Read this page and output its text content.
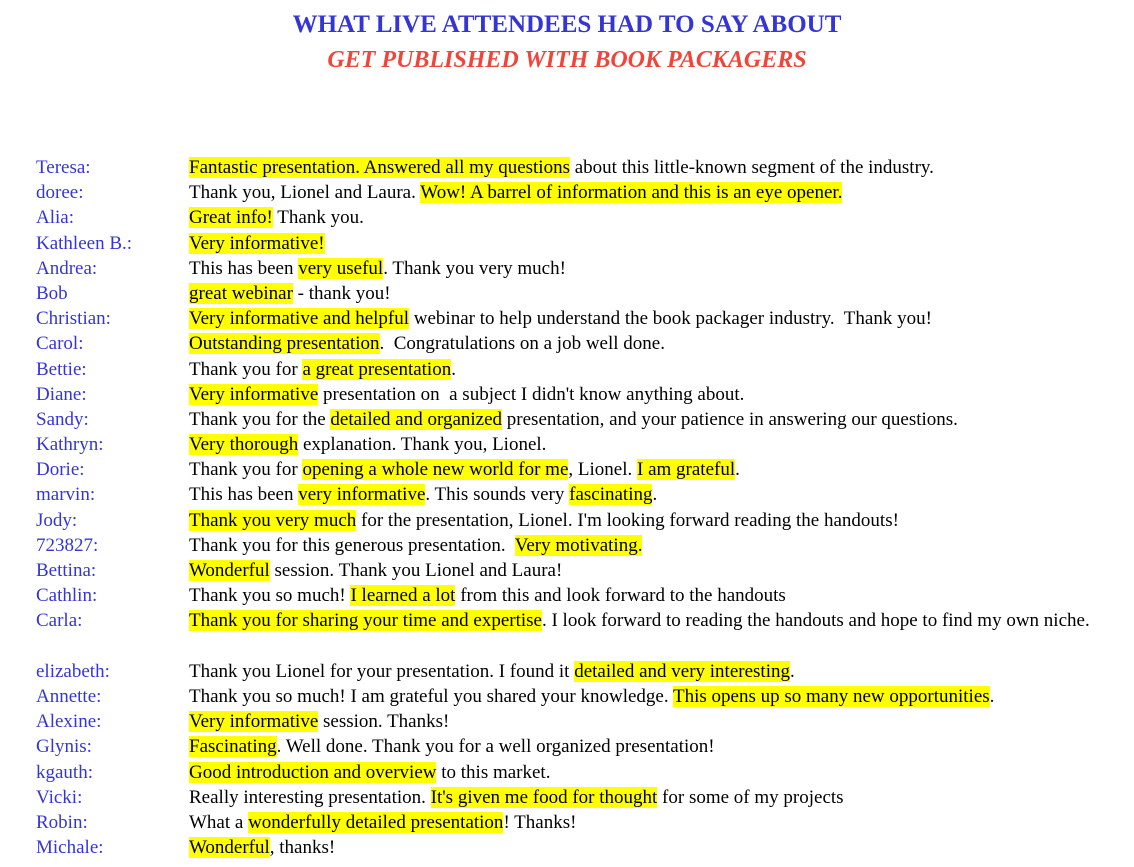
WHAT LIVE ATTENDEES HAD TO SAY ABOUT
GET PUBLISHED WITH BOOK PACKAGERS
Teresa:	Fantastic presentation. Answered all my questions about this little-known segment of the industry.
doree:	Thank you, Lionel and Laura. Wow! A barrel of information and this is an eye opener.
Alia:	Great info! Thank you.
Kathleen B.:	Very informative!
Andrea:	This has been very useful. Thank you very much!
Bob	great webinar - thank you!
Christian:	Very informative and helpful webinar to help understand the book packager industry.  Thank you!
Carol:	Outstanding presentation.  Congratulations on a job well done.
Bettie:	Thank you for a great presentation.
Diane:	Very informative presentation on  a subject I didn't know anything about.
Sandy:	Thank you for the detailed and organized presentation, and your patience in answering our questions.
Kathryn:	Very thorough explanation. Thank you, Lionel.
Dorie:	Thank you for opening a whole new world for me, Lionel. I am grateful.
marvin:	This has been very informative. This sounds very fascinating.
Jody:	Thank you very much for the presentation, Lionel. I'm looking forward reading the handouts!
723827:	Thank you for this generous presentation.  Very motivating.
Bettina:	Wonderful session. Thank you Lionel and Laura!
Cathlin:	Thank you so much! I learned a lot from this and look forward to the handouts
Carla:	Thank you for sharing your time and expertise. I look forward to reading the handouts and hope to find my own niche.
elizabeth:	Thank you Lionel for your presentation. I found it detailed and very interesting.
Annette:	Thank you so much! I am grateful you shared your knowledge. This opens up so many new opportunities.
Alexine:	Very informative session. Thanks!
Glynis:	Fascinating. Well done. Thank you for a well organized presentation!
kgauth:	Good introduction and overview to this market.
Vicki:	Really interesting presentation. It's given me food for thought for some of my projects
Robin:	What a wonderfully detailed presentation! Thanks!
Michale:	Wonderful, thanks!
